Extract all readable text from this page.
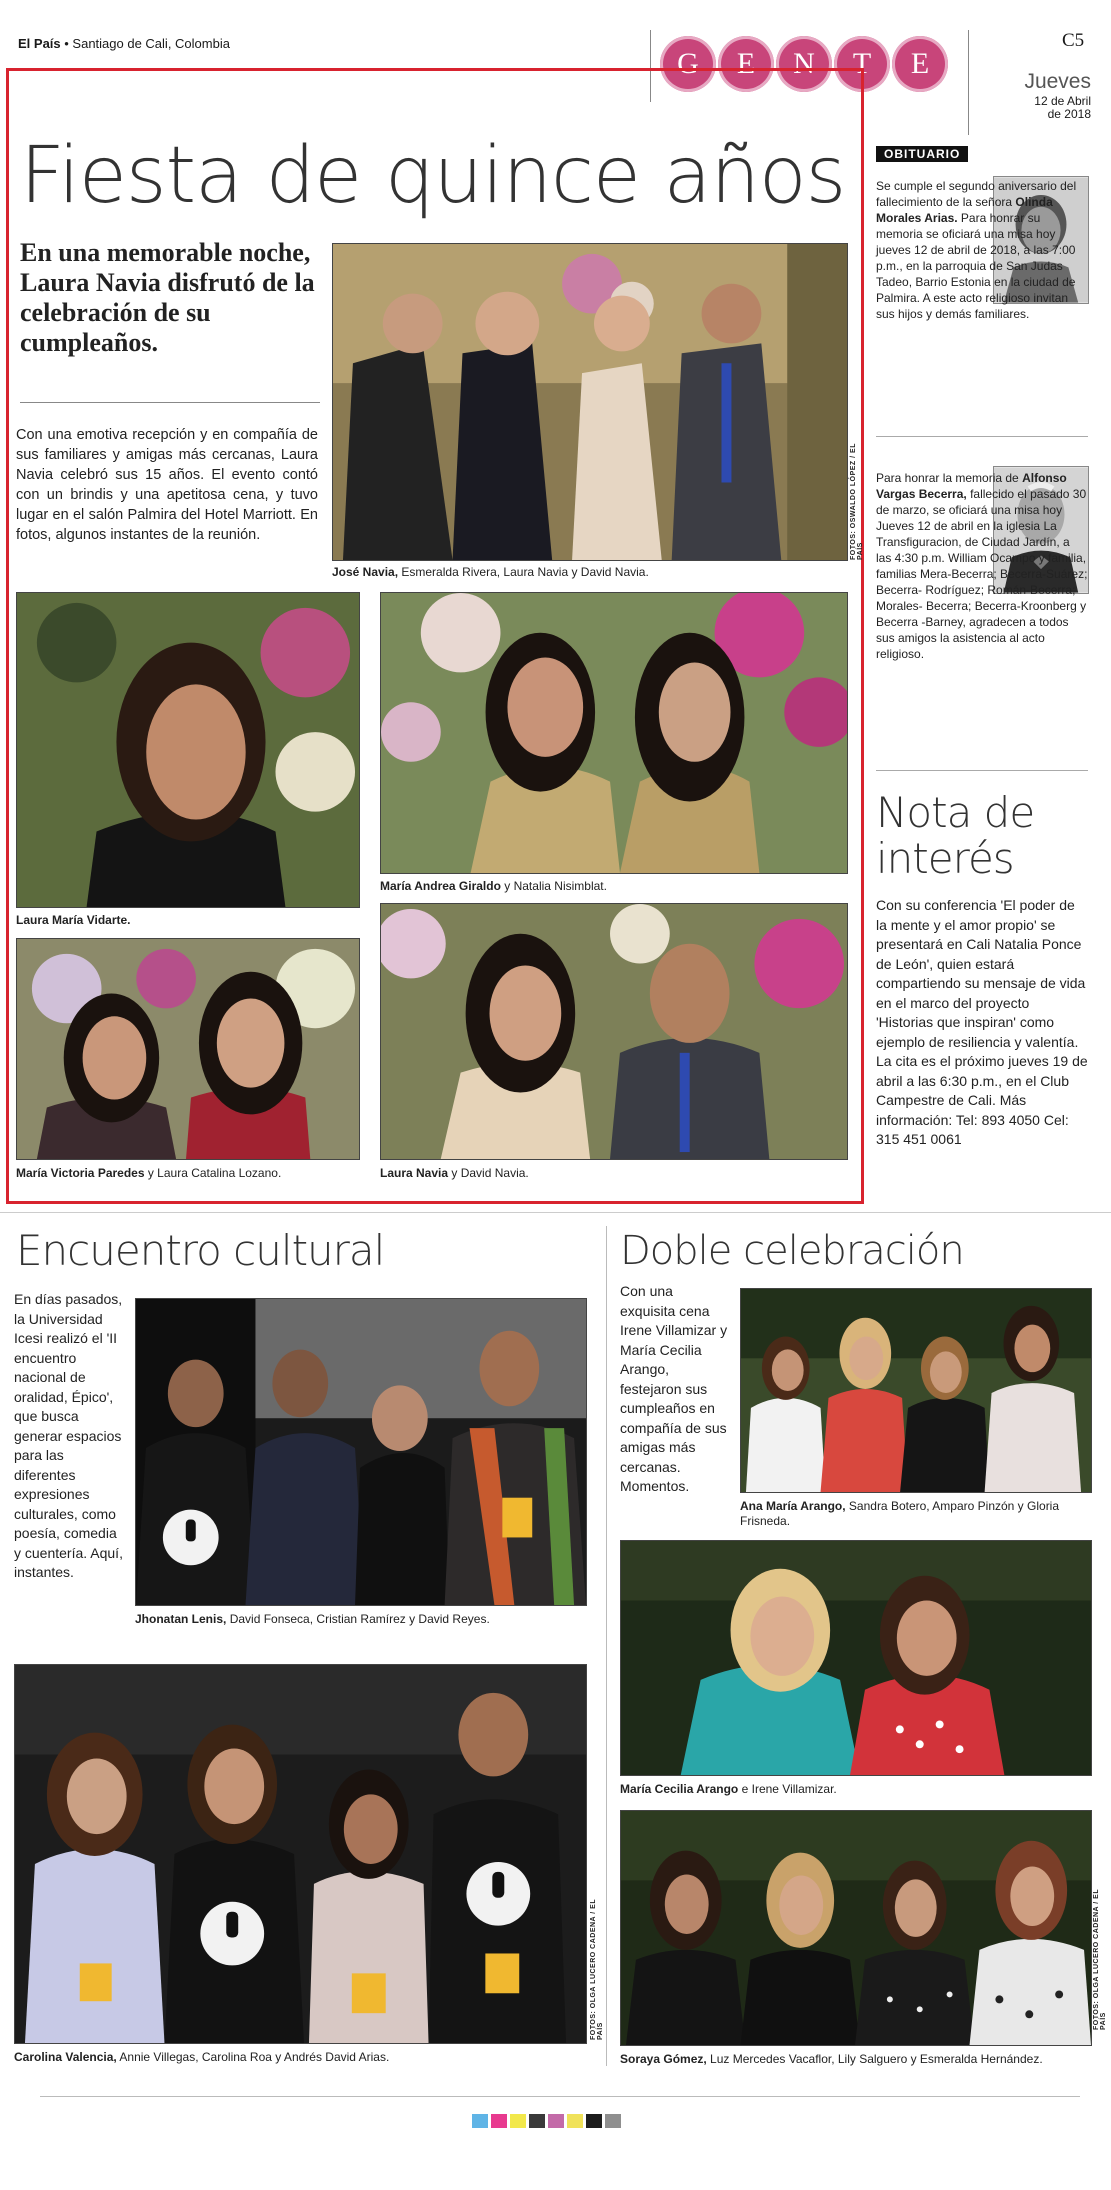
El País • Santiago de Cali, Colombia
G	E	N	T	E
C5
Jueves
12 de Abril
de 2018
Fiesta de quince años
En una memorable noche, Laura Navia disfrutó de la celebración de su cumpleaños.
Con una emotiva recepción y en compañía de sus familiares y amigas más cercanas, Laura Navia celebró sus 15 años. El evento contó con un brindis y una apetitosa cena, y tuvo lugar en el salón Palmira del Hotel Marriott. En fotos, algunos instantes de la reunión.	FOTOS: OSWALDO LÓPEZ / EL PAÍS
José Navia, Esmeralda Rivera, Laura Navia y David Navia.
Laura María Vidarte.
María Andrea Giraldo y Natalia Nisimblat.
María Victoria Paredes y Laura Catalina Lozano.	Laura Navia y David Navia.
OBITUARIO
Se cumple el segundo aniversario del fallecimiento de la señora Olinda Morales Arias. Para honrar su memoria se oficiará una misa hoy jueves 12 de abril de 2018, a las 7:00 p.m., en la parroquia de San Judas Tadeo, Barrio Estonia en la ciudad de Palmira. A este acto religioso invitan sus hijos y demás familiares.
Para honrar la memoria de Alfonso Vargas Becerra, fallecido el pasado 30 de marzo, se oficiará una misa hoy Jueves 12 de abril en la iglesia La Transfiguracion, de Ciudad Jardín, a las 4:30 p.m. William Ocampo y familia, familias Mera-Becerra; Becerra-Suárez; Becerra- Rodríguez; Román-Becerra; Morales- Becerra; Becerra-Kroonberg y Becerra -Barney, agradecen a todos sus amigos la asistencia al acto religioso.
Nota de
interés
Con su conferencia 'El poder de la mente y el amor propio' se presentará en Cali Natalia Ponce de León', quien estará compartiendo su mensaje de vida en el marco del proyecto 'Historias que inspiran' como ejemplo de resiliencia y valentía. La cita es el próximo jueves 19 de abril a las 6:30 p.m., en el Club Campestre de Cali. Más información: Tel: 893 4050 Cel: 315 451 0061
Encuentro cultural
En días pasados, la Universidad Icesi realizó el 'II encuentro nacional de oralidad, Épico', que busca generar espacios para las diferentes expresiones culturales, como poesía, comedia y cuentería. Aquí, instantes.
Jhonatan Lenis, David Fonseca, Cristian Ramírez y David Reyes.
FOTOS: OLGA LUCERO CADENA / EL PAÍS
Carolina Valencia, Annie Villegas, Carolina Roa y Andrés David Arias.
Doble celebración
Con una exquisita cena Irene Villamizar y María Cecilia Arango, festejaron sus cumpleaños en compañía de sus amigas más cercanas. Momentos.
Ana María Arango, Sandra Botero, Amparo Pinzón y Gloria Frisneda.
María Cecilia Arango e Irene Villamizar.
FOTOS: OLGA LUCERO CADENA / EL PAÍS
Soraya Gómez, Luz Mercedes Vacaflor, Lily Salguero y Esmeralda Hernández.
